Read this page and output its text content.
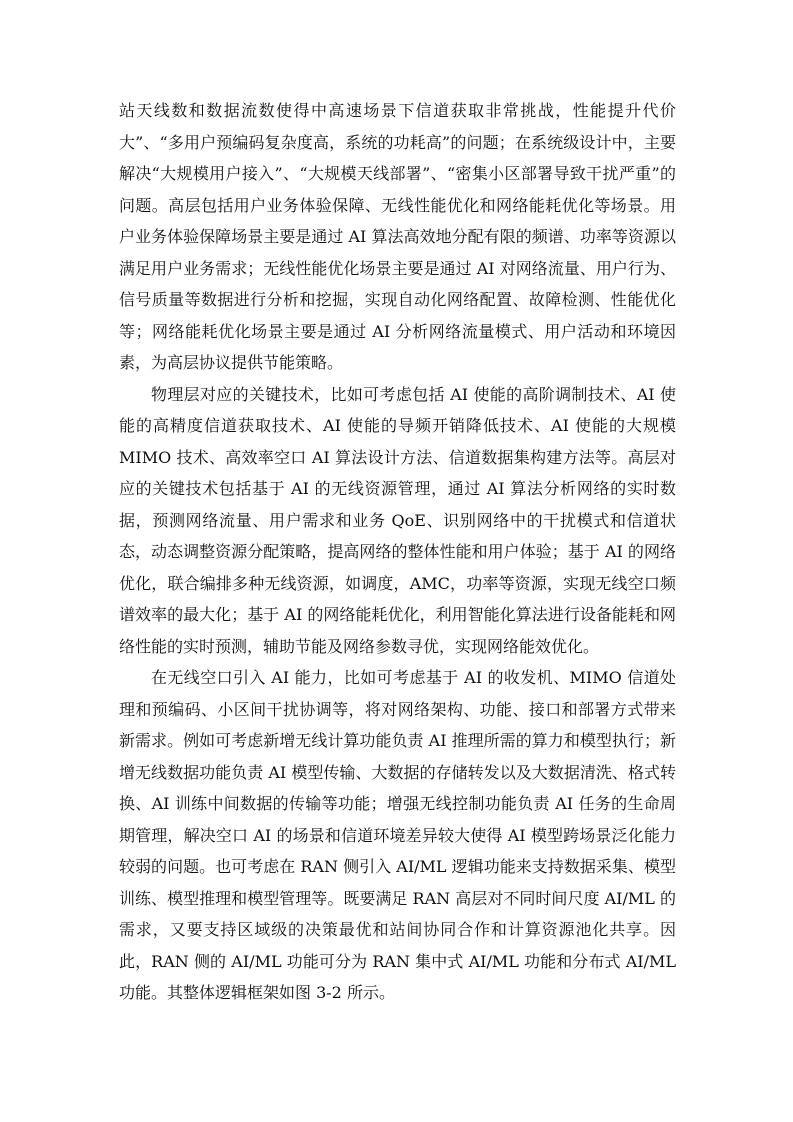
站天线数和数据流数使得中高速场景下信道获取非常挑战，性能提升代价大”、“多用户预编码复杂度高，系统的功耗高”的问题；在系统级设计中，主要解决“大规模用户接入”、“大规模天线部署”、“密集小区部署导致干扰严重”的问题。高层包括用户业务体验保障、无线性能优化和网络能耗优化等场景。用户业务体验保障场景主要是通过 AI 算法高效地分配有限的频谱、功率等资源以满足用户业务需求；无线性能优化场景主要是通过 AI 对网络流量、用户行为、信号质量等数据进行分析和挖掘，实现自动化网络配置、故障检测、性能优化等；网络能耗优化场景主要是通过 AI 分析网络流量模式、用户活动和环境因素，为高层协议提供节能策略。

物理层对应的关键技术，比如可考虑包括 AI 使能的高阶调制技术、AI 使能的高精度信道获取技术、AI 使能的导频开销降低技术、AI 使能的大规模 MIMO 技术、高效率空口 AI 算法设计方法、信道数据集构建方法等。高层对应的关键技术包括基于 AI 的无线资源管理，通过 AI 算法分析网络的实时数据，预测网络流量、用户需求和业务 QoE、识别网络中的干扰模式和信道状态，动态调整资源分配策略，提高网络的整体性能和用户体验；基于 AI 的网络优化，联合编排多种无线资源，如调度，AMC，功率等资源，实现无线空口频谱效率的最大化；基于 AI 的网络能耗优化，利用智能化算法进行设备能耗和网络性能的实时预测，辅助节能及网络参数寻优，实现网络能效优化。

在无线空口引入 AI 能力，比如可考虑基于 AI 的收发机、MIMO 信道处理和预编码、小区间干扰协调等，将对网络架构、功能、接口和部署方式带来新需求。例如可考虑新增无线计算功能负责 AI 推理所需的算力和模型执行；新增无线数据功能负责 AI 模型传输、大数据的存储转发以及大数据清洗、格式转换、AI 训练中间数据的传输等功能；增强无线控制功能负责 AI 任务的生命周期管理，解决空口 AI 的场景和信道环境差异较大使得 AI 模型跨场景泛化能力较弱的问题。也可考虑在 RAN 侧引入 AI/ML 逻辑功能来支持数据采集、模型训练、模型推理和模型管理等。既要满足 RAN 高层对不同时间尺度 AI/ML 的需求，又要支持区域级的决策最优和站间协同合作和计算资源池化共享。因此，RAN 侧的 AI/ML 功能可分为 RAN 集中式 AI/ML 功能和分布式 AI/ML 功能。其整体逻辑框架如图 3-2 所示。
